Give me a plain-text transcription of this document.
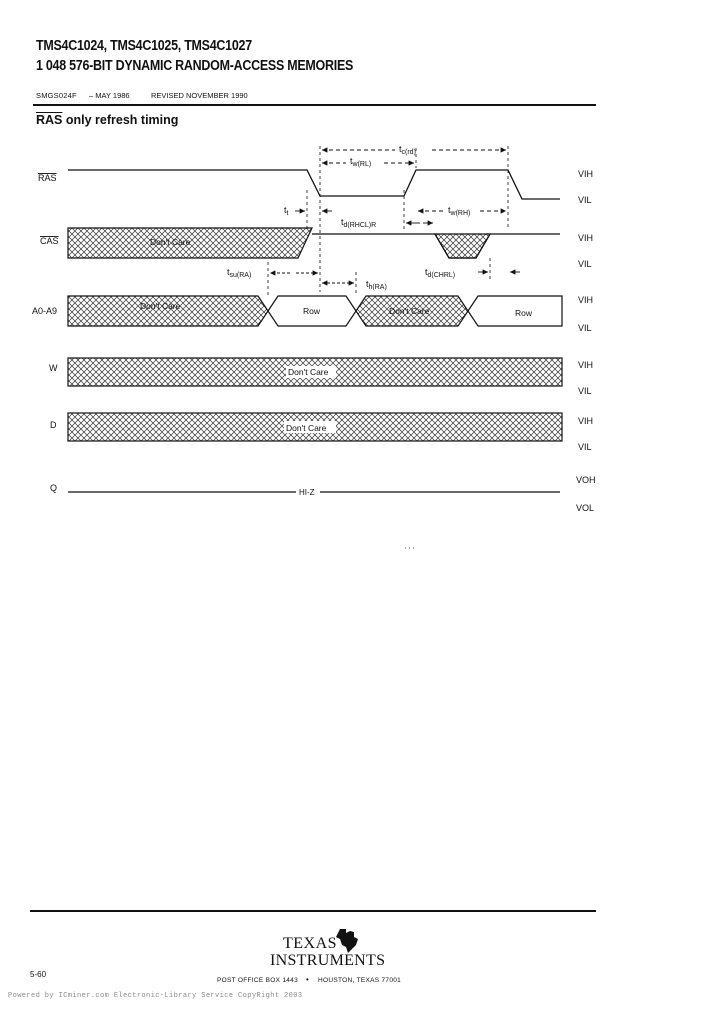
TMS4C1024, TMS4C1025, TMS4C1027
1 048 576-BIT DYNAMIC RANDOM-ACCESS MEMORIES
SMGS024F – MAY 1986	REVISED NOVEMBER 1990
$\overline{RAS}$ only refresh timing
RAS
CAS
A0-A9
W
D
Q
VIH
VIL
VIH
VIL
VIH
VIL
VIH
VIL
VIH
VIL
VOH
VOL
Don't Care
Don't Care	Row	Don't Care	Row
Don't Care
Don't Care
HI-Z
$t_{c(rd)}$
$t_{w(RL)}$
$t_t$	$t_{w(RH)}$
$t_{d(RHCL)R}$
$t_{su(RA)}$
$t_{h(RA)}$
$t_{d(CHRL)}$
5-60
TEXAS
INSTRUMENTS
POST OFFICE BOX 1443 • HOUSTON, TEXAS 77001
Powered by ICminer.com Electronic-Library Service CopyRight 2003
